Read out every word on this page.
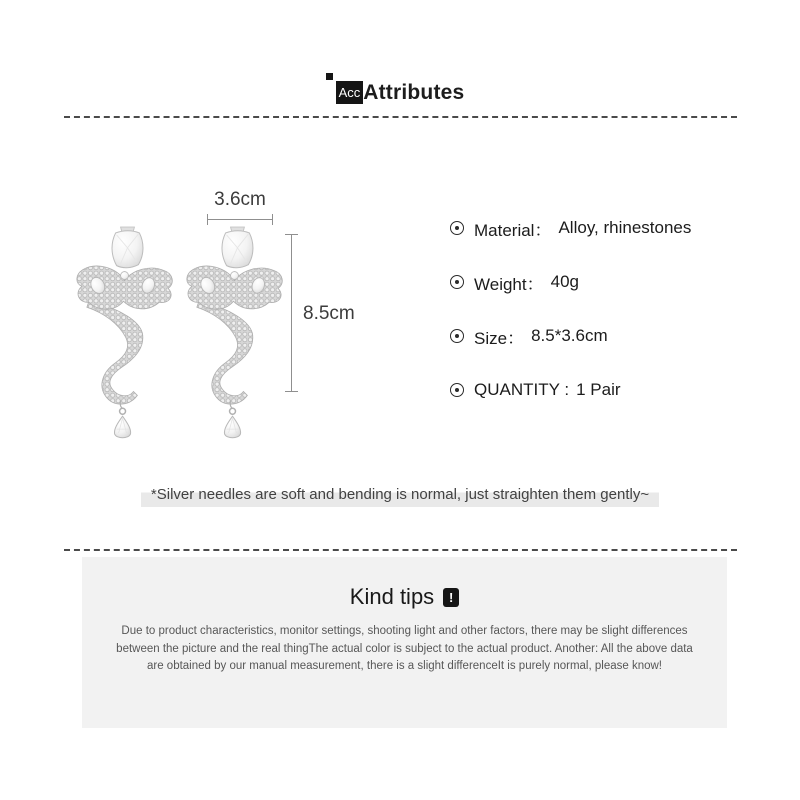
Acc Attributes
3.6cm
8.5cm
Material： Alloy, rhinestones
Weight： 40g
Size： 8.5*3.6cm
QUANTITY : 1 Pair
*Silver needles are soft and bending is normal, just straighten them gently~
Kind tips	!
Due to product characteristics, monitor settings, shooting light and other factors, there may be slight differences between the picture and the real thingThe actual color is subject to the actual product. Another: All the above data are obtained by our manual measurement, there is a slight differenceIt is purely normal, please know!
